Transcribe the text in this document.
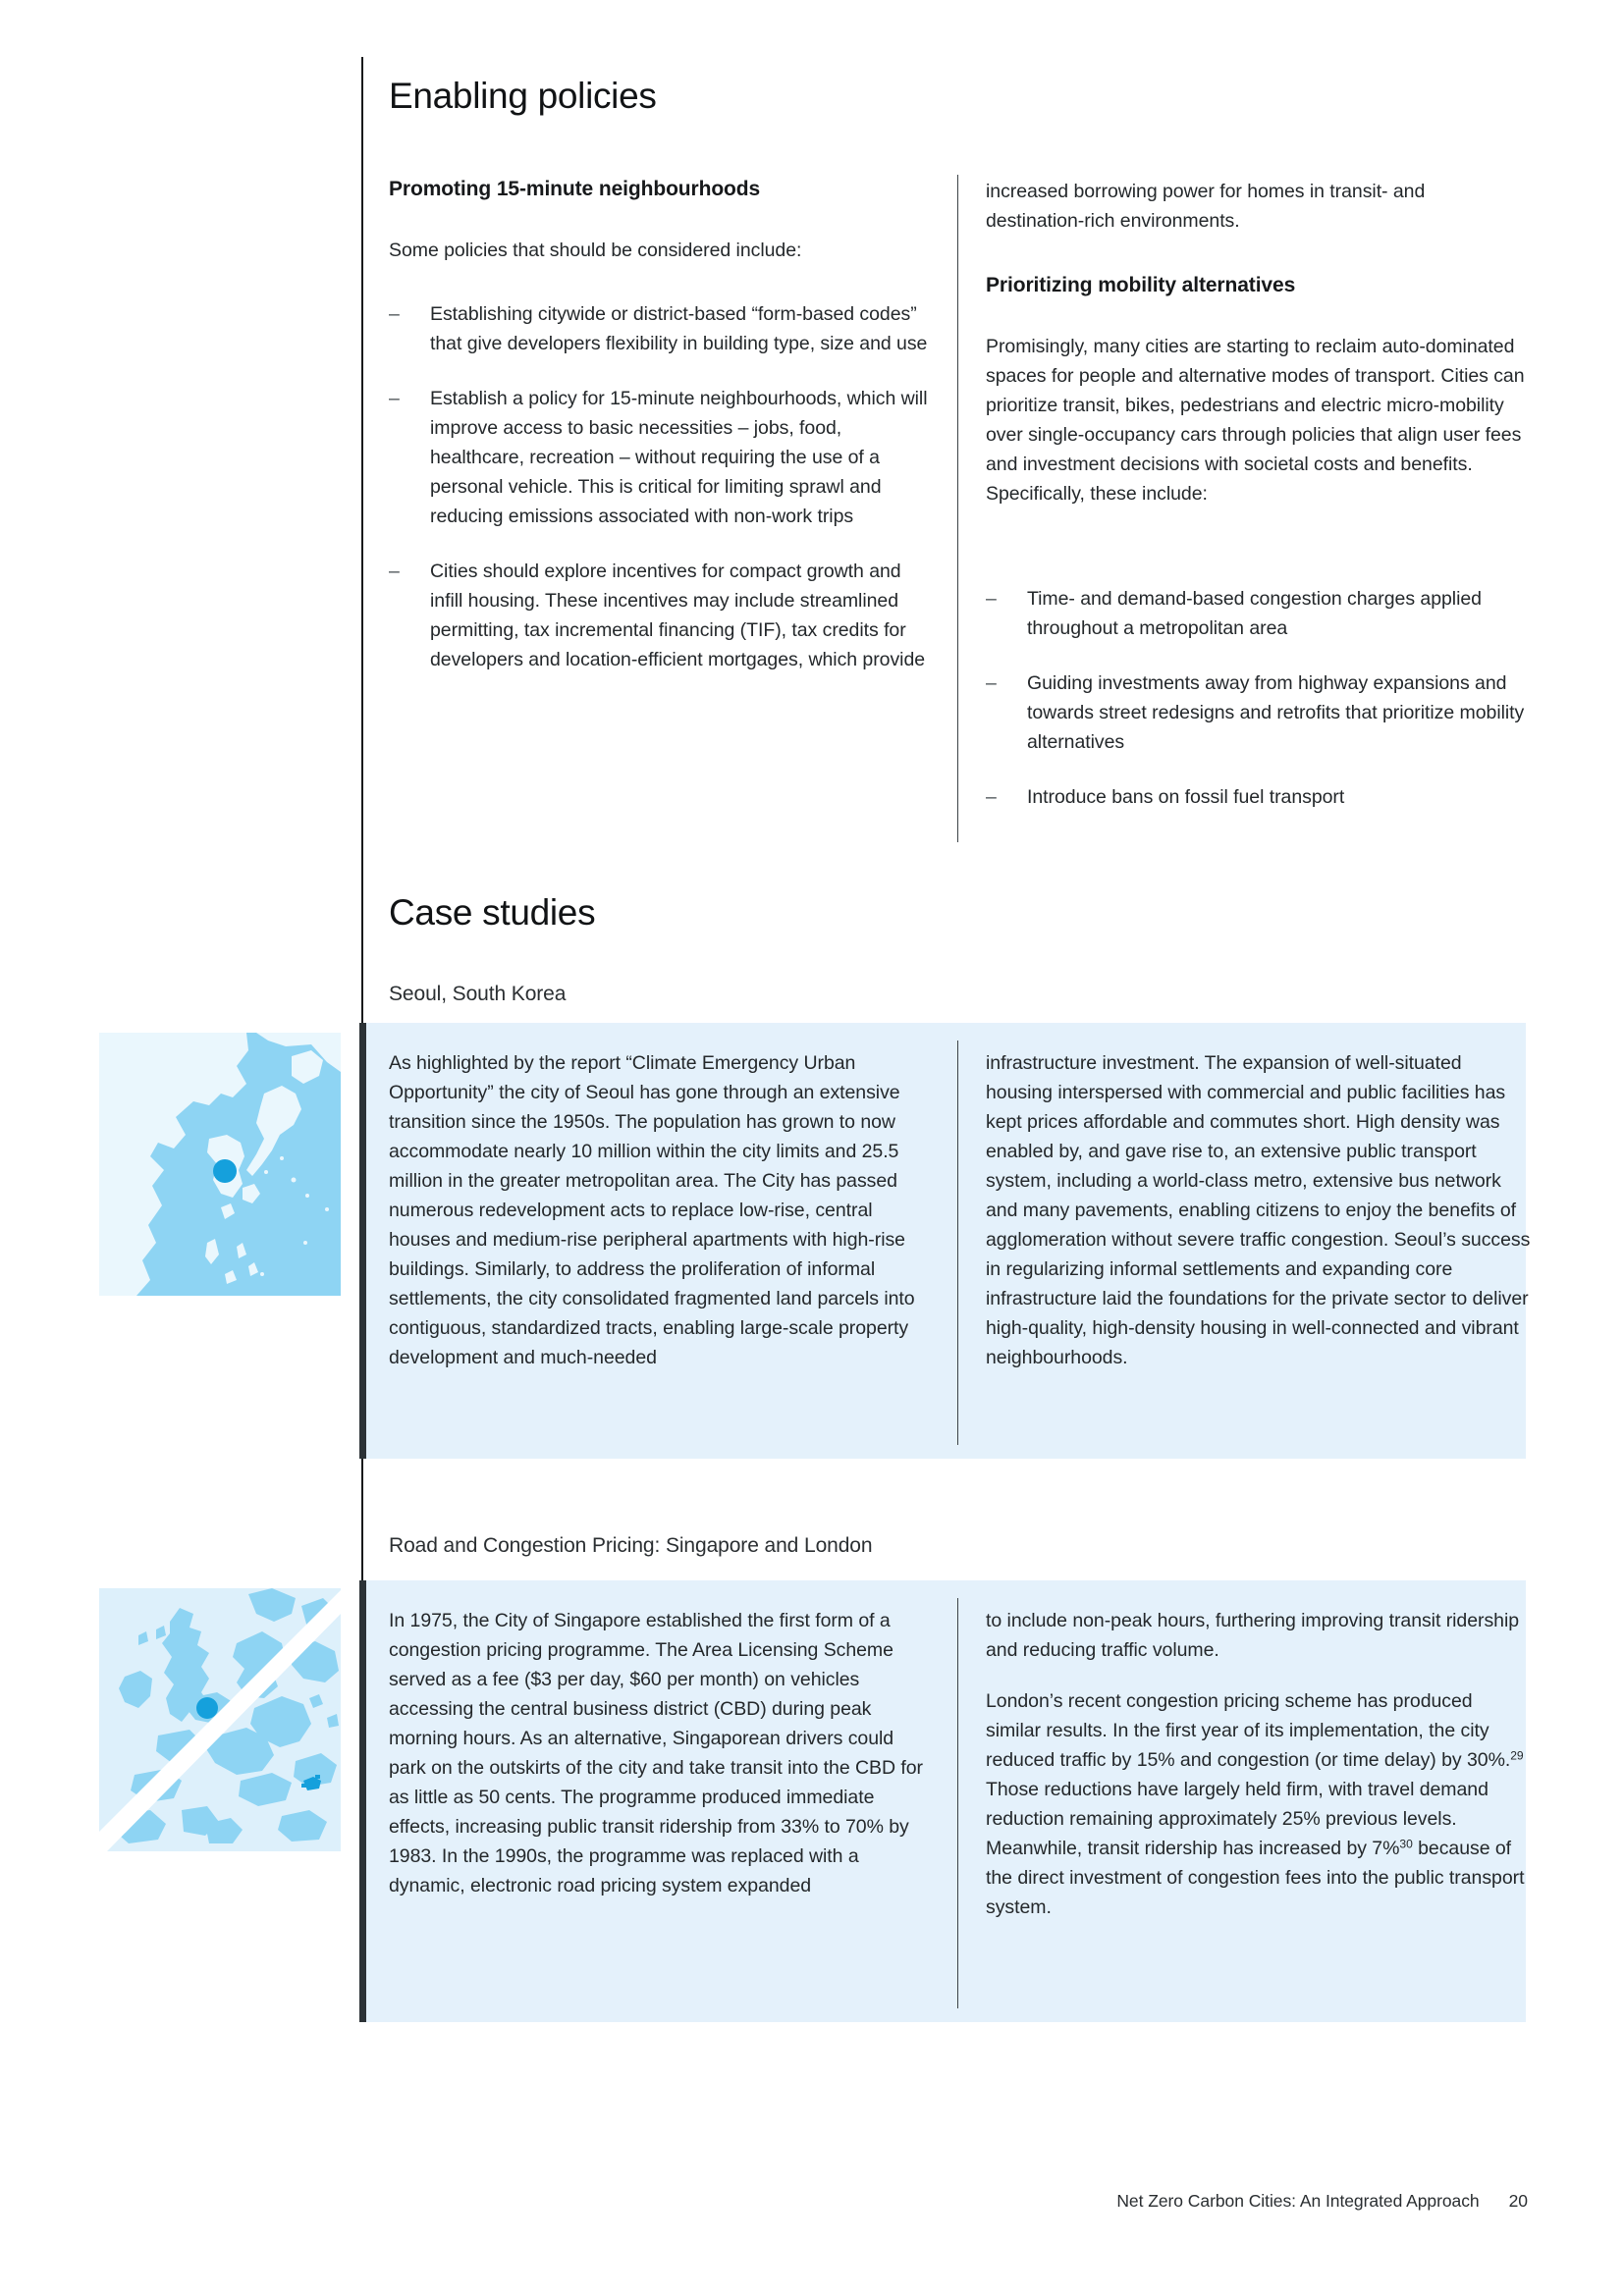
Enabling policies
Promoting 15-minute neighbourhoods

Some policies that should be considered include:

– Establishing citywide or district-based “form-based codes” that give developers flexibility in building type, size and use
– Establish a policy for 15-minute neighbourhoods, which will improve access to basic necessities – jobs, food, healthcare, recreation – without requiring the use of a personal vehicle. This is critical for limiting sprawl and reducing emissions associated with non-work trips
– Cities should explore incentives for compact growth and infill housing. These incentives may include streamlined permitting, tax incremental financing (TIF), tax credits for developers and location-efficient mortgages, which provide

increased borrowing power for homes in transit- and destination-rich environments.

Prioritizing mobility alternatives

Promisingly, many cities are starting to reclaim auto-dominated spaces for people and alternative modes of transport. Cities can prioritize transit, bikes, pedestrians and electric micro-mobility over single-occupancy cars through policies that align user fees and investment decisions with societal costs and benefits. Specifically, these include:

– Time- and demand-based congestion charges applied throughout a metropolitan area
– Guiding investments away from highway expansions and towards street redesigns and retrofits that prioritize mobility alternatives
– Introduce bans on fossil fuel transport
Case studies
Seoul, South Korea

As highlighted by the report “Climate Emergency Urban Opportunity” the city of Seoul has gone through an extensive transition since the 1950s. The population has grown to now accommodate nearly 10 million within the city limits and 25.5 million in the greater metropolitan area. The City has passed numerous redevelopment acts to replace low-rise, central houses and medium-rise peripheral apartments with high-rise buildings. Similarly, to address the proliferation of informal settlements, the city consolidated fragmented land parcels into contiguous, standardized tracts, enabling large-scale property development and much-needed

infrastructure investment. The expansion of well-situated housing interspersed with commercial and public facilities has kept prices affordable and commutes short. High density was enabled by, and gave rise to, an extensive public transport system, including a world-class metro, extensive bus network and many pavements, enabling citizens to enjoy the benefits of agglomeration without severe traffic congestion. Seoul’s success in regularizing informal settlements and expanding core infrastructure laid the foundations for the private sector to deliver high-quality, high-density housing in well-connected and vibrant neighbourhoods.

Road and Congestion Pricing: Singapore and London

In 1975, the City of Singapore established the first form of a congestion pricing programme. The Area Licensing Scheme served as a fee ($3 per day, $60 per month) on vehicles accessing the central business district (CBD) during peak morning hours. As an alternative, Singaporean drivers could park on the outskirts of the city and take transit into the CBD for as little as 50 cents. The programme produced immediate effects, increasing public transit ridership from 33% to 70% by 1983. In the 1990s, the programme was replaced with a dynamic, electronic road pricing system expanded

to include non-peak hours, furthering improving transit ridership and reducing traffic volume.

London’s recent congestion pricing scheme has produced similar results. In the first year of its implementation, the city reduced traffic by 15% and congestion (or time delay) by 30%.$^{29}$ Those reductions have largely held firm, with travel demand reduction remaining approximately 25% previous levels. Meanwhile, transit ridership has increased by 7%$^{30}$ because of the direct investment of congestion fees into the public transport system.

Net Zero Carbon Cities: An Integrated Approach 20
